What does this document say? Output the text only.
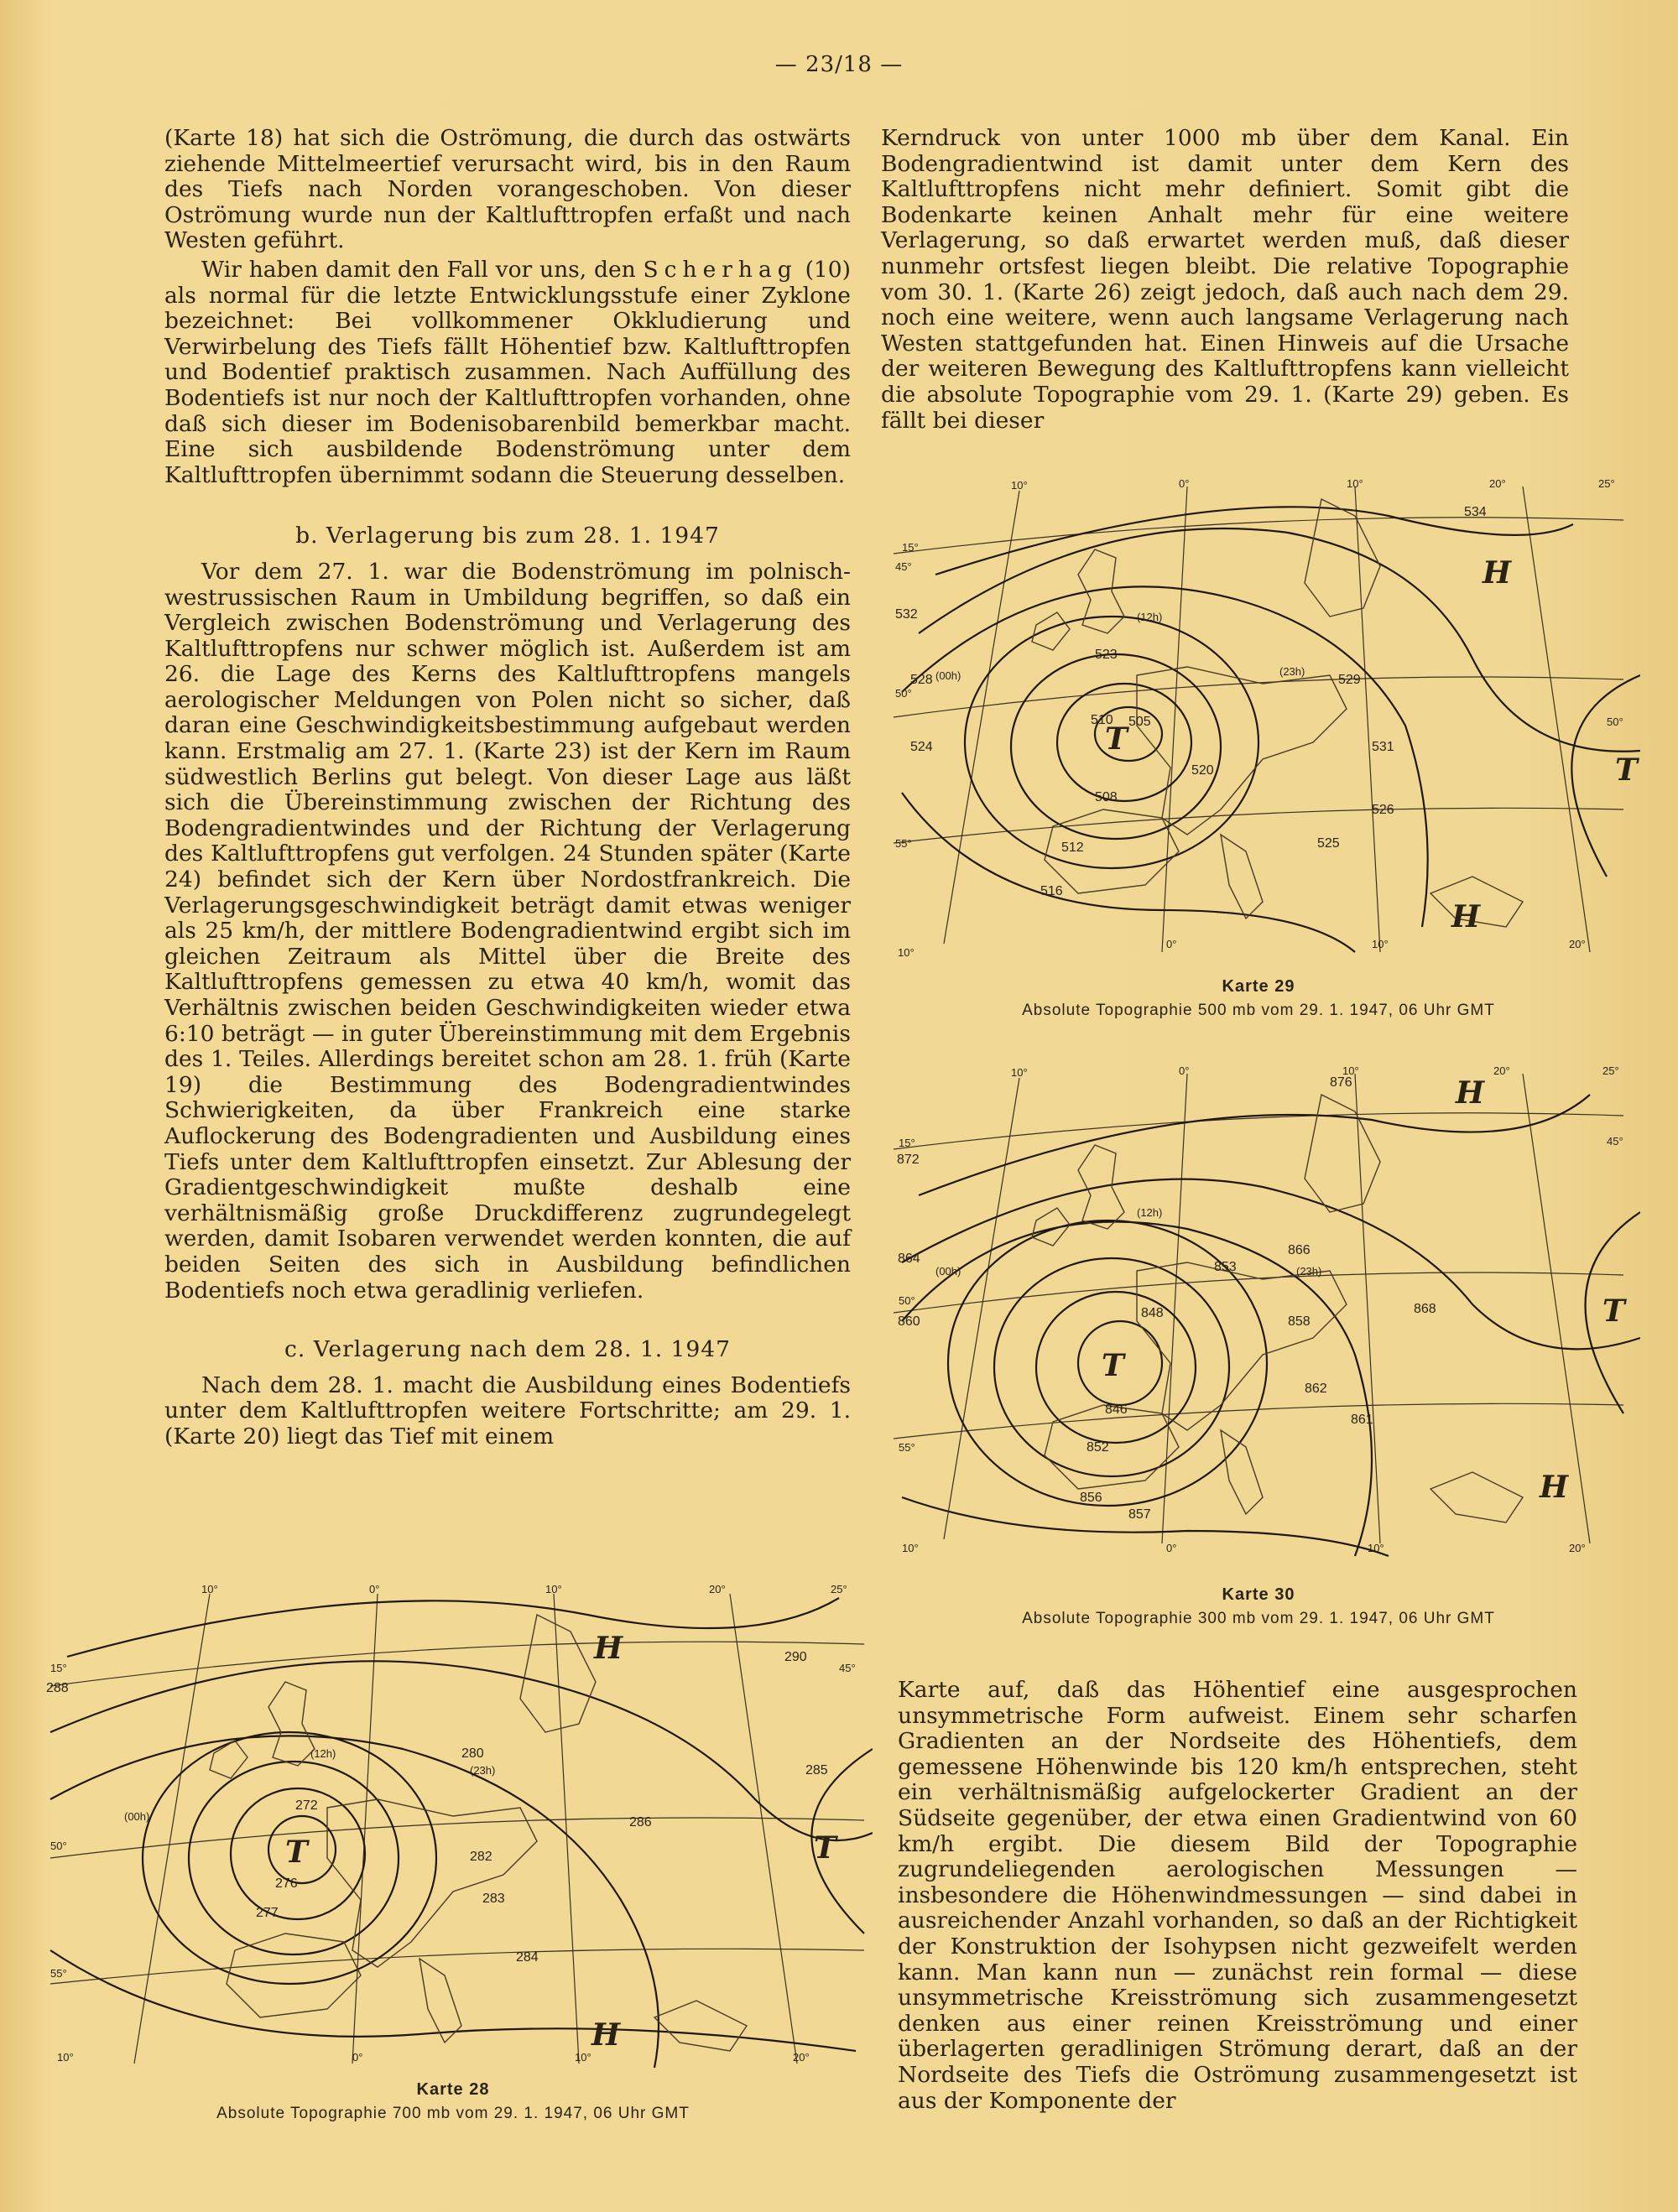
— 23/18 —

(Karte 18) hat sich die Oströmung, die durch das ostwärts ziehende Mittelmeertief verursacht wird, bis in den Raum des Tiefs nach Norden vorangeschoben. Von dieser Oströmung wurde nun der Kaltlufttropfen erfaßt und nach Westen geführt.

Wir haben damit den Fall vor uns, den Scherhag (10) als normal für die letzte Entwicklungsstufe einer Zyklone bezeichnet: Bei vollkommener Okkludierung und Verwirbelung des Tiefs fällt Höhentief bzw. Kaltlufttropfen und Bodentief praktisch zusammen. Nach Auffüllung des Bodentiefs ist nur noch der Kaltlufttropfen vorhanden, ohne daß sich dieser im Bodenisobarenbild bemerkbar macht. Eine sich ausbildende Bodenströmung unter dem Kaltlufttropfen übernimmt sodann die Steuerung desselben.

b. Verlagerung bis zum 28. 1. 1947

Vor dem 27. 1. war die Bodenströmung im polnisch-westrussischen Raum in Umbildung begriffen, so daß ein Vergleich zwischen Bodenströmung und Verlagerung des Kaltlufttropfens nur schwer möglich ist. Außerdem ist am 26. die Lage des Kerns des Kaltlufttropfens mangels aerologischer Meldungen von Polen nicht so sicher, daß daran eine Geschwindigkeitsbestimmung aufgebaut werden kann. Erstmalig am 27. 1. (Karte 23) ist der Kern im Raum südwestlich Berlins gut belegt. Von dieser Lage aus läßt sich die Übereinstimmung zwischen der Richtung des Bodengradientwindes und der Richtung der Verlagerung des Kaltlufttropfens gut verfolgen. 24 Stunden später (Karte 24) befindet sich der Kern über Nordostfrankreich. Die Verlagerungsgeschwindigkeit beträgt damit etwas weniger als 25 km/h, der mittlere Bodengradientwind ergibt sich im gleichen Zeitraum als Mittel über die Breite des Kaltlufttropfens gemessen zu etwa 40 km/h, womit das Verhältnis zwischen beiden Geschwindigkeiten wieder etwa 6:10 beträgt — in guter Übereinstimmung mit dem Ergebnis des 1. Teiles. Allerdings bereitet schon am 28. 1. früh (Karte 19) die Bestimmung des Bodengradientwindes Schwierigkeiten, da über Frankreich eine starke Auflockerung des Bodengradienten und Ausbildung eines Tiefs unter dem Kaltlufttropfen einsetzt. Zur Ablesung der Gradientgeschwindigkeit mußte deshalb eine verhältnismäßig große Druckdifferenz zugrundegelegt werden, damit Isobaren verwendet werden konnten, die auf beiden Seiten des sich in Ausbildung befindlichen Bodentiefs noch etwa geradlinig verliefen.

c. Verlagerung nach dem 28. 1. 1947

Nach dem 28. 1. macht die Ausbildung eines Bodentiefs unter dem Kaltlufttropfen weitere Fortschritte; am 29. 1. (Karte 20) liegt das Tief mit einem

Kerndruck von unter 1000 mb über dem Kanal. Ein Bodengradientwind ist damit unter dem Kern des Kaltlufttropfens nicht mehr definiert. Somit gibt die Bodenkarte keinen Anhalt mehr für eine weitere Verlagerung, so daß erwartet werden muß, daß dieser nunmehr ortsfest liegen bleibt. Die relative Topographie vom 30. 1. (Karte 26) zeigt jedoch, daß auch nach dem 29. noch eine weitere, wenn auch langsame Verlagerung nach Westen stattgefunden hat. Einen Hinweis auf die Ursache der weiteren Bewegung des Kaltlufttropfens kann vielleicht die absolute Topographie vom 29. 1. (Karte 29) geben. Es fällt bei dieser

Karte auf, daß das Höhentief eine ausgesprochen unsymmetrische Form aufweist. Einem sehr scharfen Gradienten an der Nordseite des Höhentiefs, dem gemessene Höhenwinde bis 120 km/h entsprechen, steht ein verhältnismäßig aufgelockerter Gradient an der Südseite gegenüber, der etwa einen Gradientwind von 60 km/h ergibt. Die diesem Bild der Topographie zugrundeliegenden aerologischen Messungen — insbesondere die Höhenwindmessungen — sind dabei in ausreichender Anzahl vorhanden, so daß an der Richtigkeit der Konstruktion der Isohypsen nicht gezweifelt werden kann. Man kann nun — zunächst rein formal — diese unsymmetrische Kreisströmung sich zusammengesetzt denken aus einer reinen Kreisströmung und einer überlagerten geradlinigen Strömung derart, daß an der Nordseite des Tiefs die Oströmung zusammengesetzt ist aus der Komponente der

505
508
510
512
516
520
523
524
525
526
528	529
531
532
534
(00h)	(23h)
(12h)
H
H
T
T
10°	0°	10°	20°	25°
15°
45°
50°
55°
50°
10°
0°	10°	20°
Karte 29
Absolute Topographie 500 mb vom 29. 1. 1947, 06 Uhr GMT
846
848
852
853
856
857
858
860
861
862
864
866
868
872
876
(00h)	(23h)
(12h)
H
H
T
T
10°	0°	10°	20°	25°
15°	45°
50°
55°
10°	0°	10°	20°
Karte 30
Absolute Topographie 300 mb vom 29. 1. 1947, 06 Uhr GMT
272
276
277
280
282
283
284
285
286
288
290
(00h)
(23h)
(12h)
H
H
T	T
10°	0°	10°	20°	25°
15°	45°
50°
55°
10°	0°	10°	20°
Karte 28
Absolute Topographie 700 mb vom 29. 1. 1947, 06 Uhr GMT
